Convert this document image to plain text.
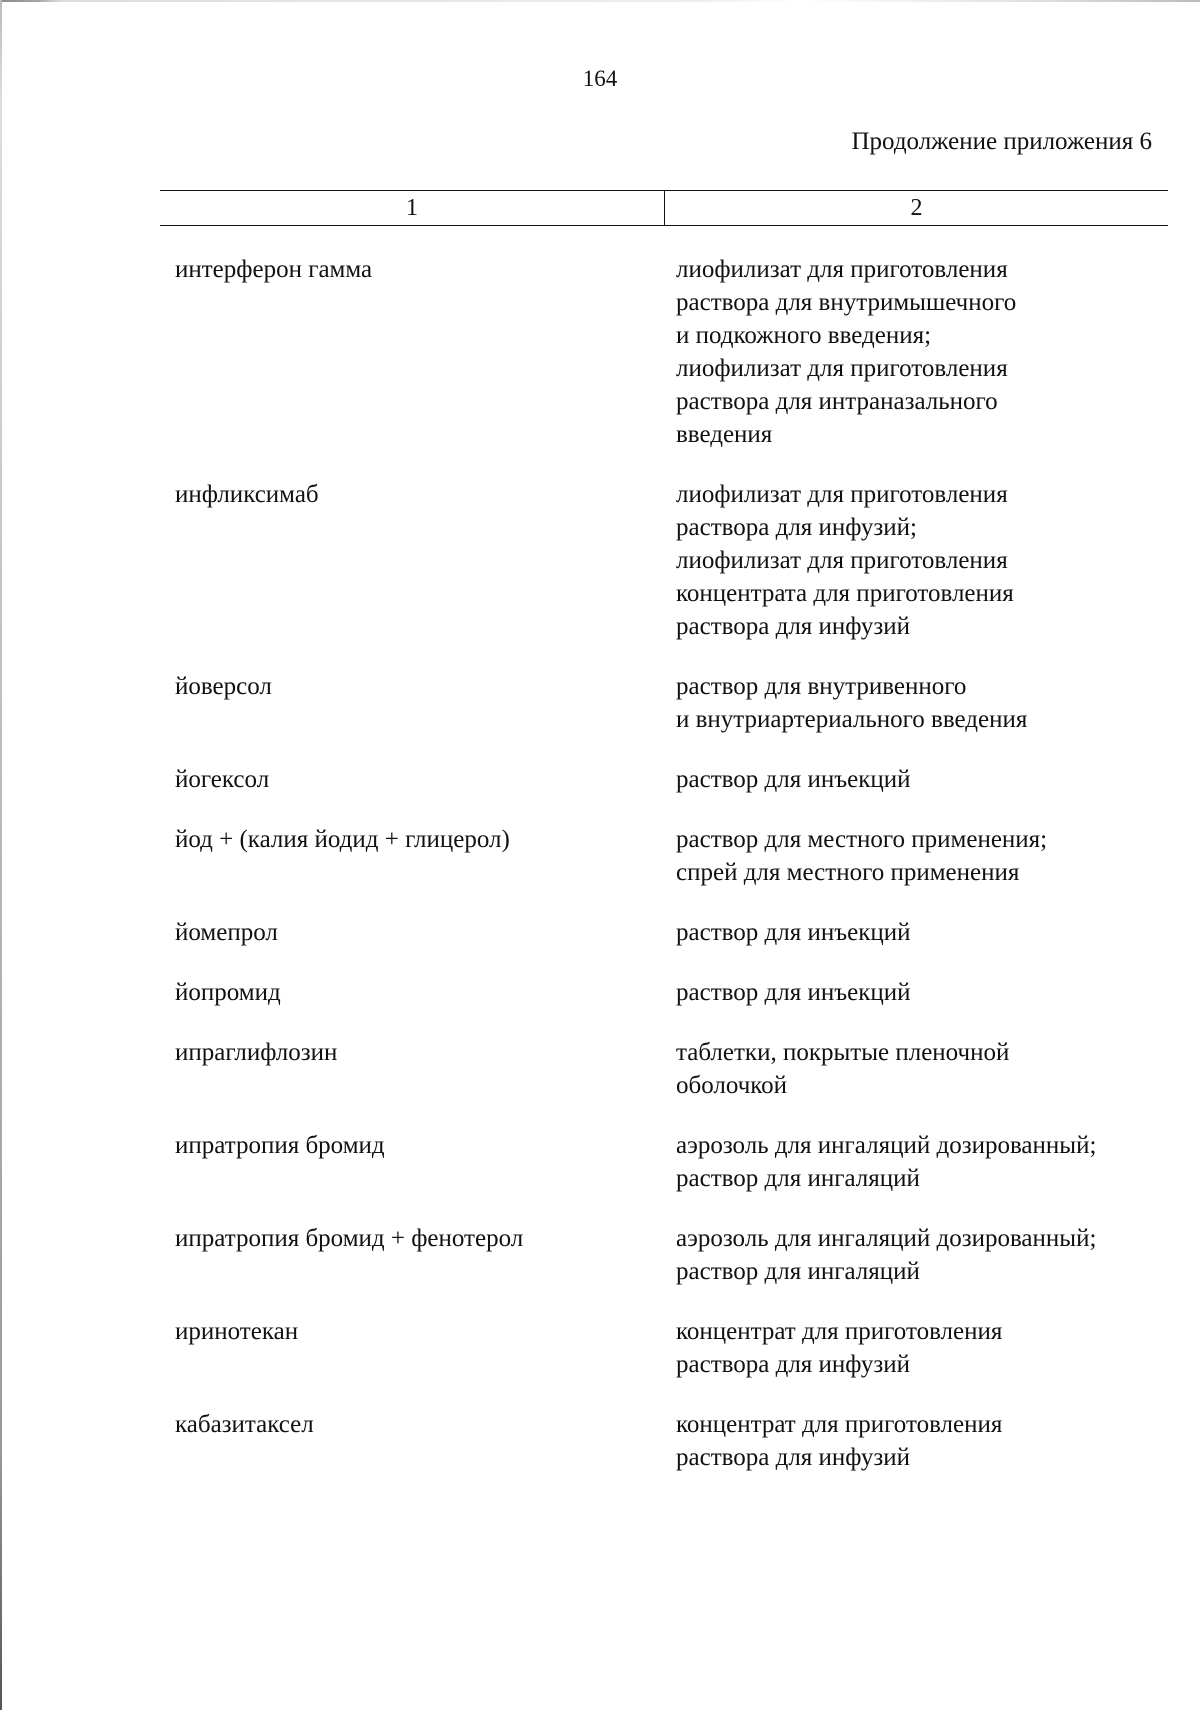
164
Продолжение приложения 6
1	2
интерферон гамма	лиофилизат для приготовления
раствора для внутримышечного
и подкожного введения;
лиофилизат для приготовления
раствора для интраназального
введения
инфликсимаб	лиофилизат для приготовления
раствора для инфузий;
лиофилизат для приготовления
концентрата для приготовления
раствора для инфузий
йоверсол	раствор для внутривенного
и внутриартериального введения
йогексол	раствор для инъекций
йод + (калия йодид + глицерол)	раствор для местного применения;
спрей для местного применения
йомепрол	раствор для инъекций
йопромид	раствор для инъекций
ипраглифлозин	таблетки, покрытые пленочной
оболочкой
ипратропия бромид	аэрозоль для ингаляций дозированный;
раствор для ингаляций
ипратропия бромид + фенотерол	аэрозоль для ингаляций дозированный;
раствор для ингаляций
иринотекан	концентрат для приготовления
раствора для инфузий
кабазитаксел	концентрат для приготовления
раствора для инфузий
